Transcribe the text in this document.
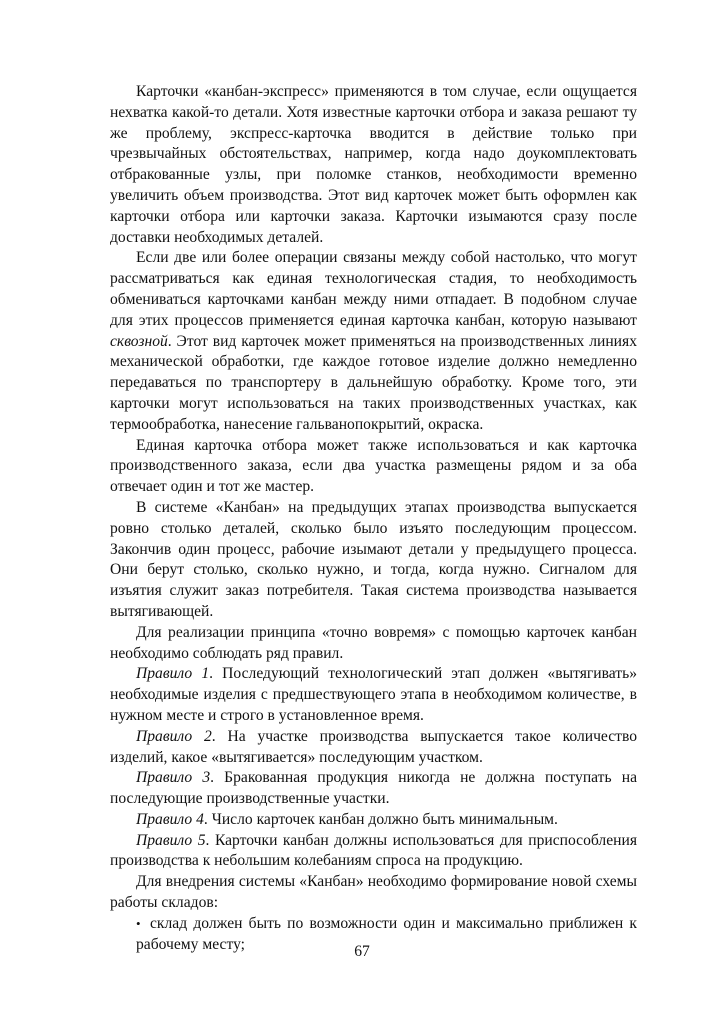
Карточки «канбан-экспресс» применяются в том случае, если ощущается нехватка какой-то детали. Хотя известные карточки отбора и заказа решают ту же проблему, экспресс-карточка вводится в действие только при чрезвычайных обстоятельствах, например, когда надо доукомплектовать отбракованные узлы, при поломке станков, необходимости временно увеличить объем производства. Этот вид карточек может быть оформлен как карточки отбора или карточки заказа. Карточки изымаются сразу после доставки необходимых деталей.

Если две или более операции связаны между собой настолько, что могут рассматриваться как единая технологическая стадия, то необходимость обмениваться карточками канбан между ними отпадает. В подобном случае для этих процессов применяется единая карточка канбан, которую называют сквозной. Этот вид карточек может применяться на производственных линиях механической обработки, где каждое готовое изделие должно немедленно передаваться по транспортеру в дальнейшую обработку. Кроме того, эти карточки могут использоваться на таких производственных участках, как термообработка, нанесение гальванопокрытий, окраска.

Единая карточка отбора может также использоваться и как карточка производственного заказа, если два участка размещены рядом и за оба отвечает один и тот же мастер.

В системе «Канбан» на предыдущих этапах производства выпускается ровно столько деталей, сколько было изъято последующим процессом. Закончив один процесс, рабочие изымают детали у предыдущего процесса. Они берут столько, сколько нужно, и тогда, когда нужно. Сигналом для изъятия служит заказ потребителя. Такая система производства называется вытягивающей.

Для реализации принципа «точно вовремя» с помощью карточек канбан необходимо соблюдать ряд правил.

Правило 1. Последующий технологический этап должен «вытягивать» необходимые изделия с предшествующего этапа в необходимом количестве, в нужном месте и строго в установленное время.

Правило 2. На участке производства выпускается такое количество изделий, какое «вытягивается» последующим участком.

Правило 3. Бракованная продукция никогда не должна поступать на последующие производственные участки.

Правило 4. Число карточек канбан должно быть минимальным.

Правило 5. Карточки канбан должны использоваться для приспособления производства к небольшим колебаниям спроса на продукцию.

Для внедрения системы «Канбан» необходимо формирование новой схемы работы складов:

• склад должен быть по возможности один и максимально приближен к рабочему месту;	67
